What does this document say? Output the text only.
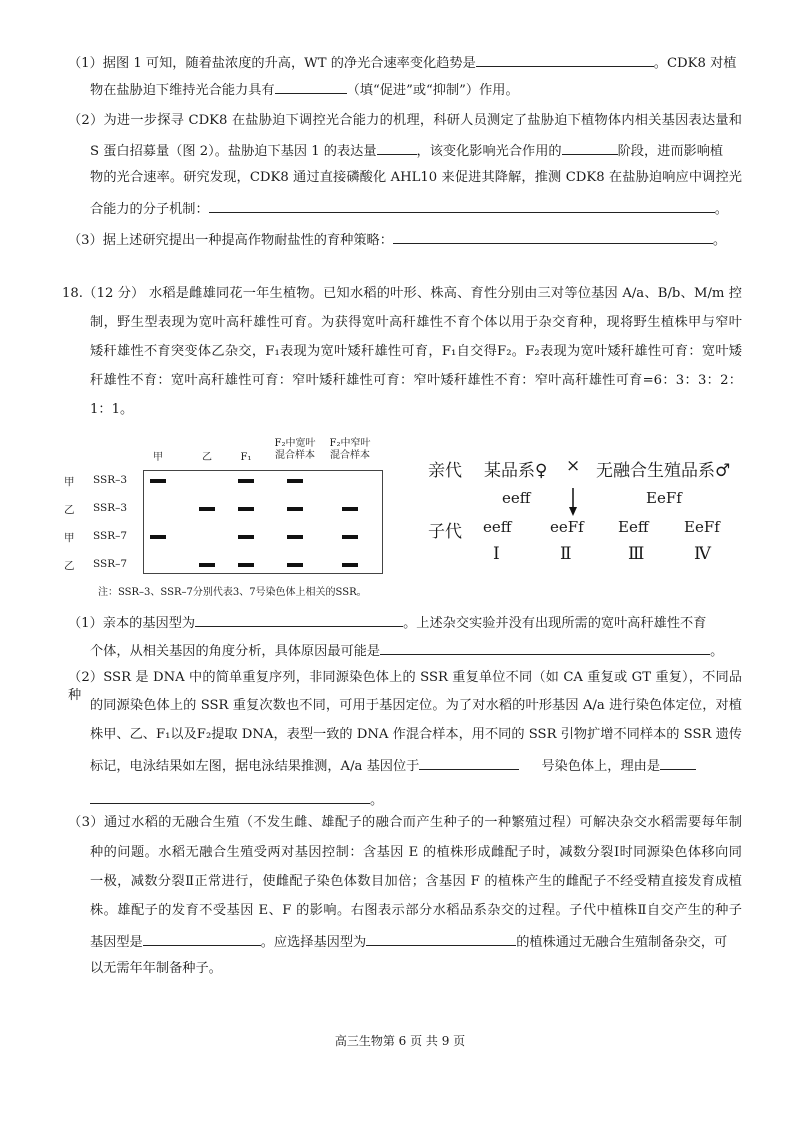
（1）据图 1 可知，随着盐浓度的升高，WT 的净光合速率变化趋势是	。CDK8 对植
物在盐胁迫下维持光合能力具有	（填“促进”或“抑制”）作用。
（2）为进一步探寻 CDK8 在盐胁迫下调控光合能力的机理，科研人员测定了盐胁迫下植物体内相关基因表达量和
S 蛋白招募量（图 2）。盐胁迫下基因 1 的表达量	，该变化影响光合作用的	阶段，进而影响植
物的光合速率。研究发现，CDK8 通过直接磷酸化 AHL10 来促进其降解，推测 CDK8 在盐胁迫响应中调控光
合能力的分子机制：	。
（3）据上述研究提出一种提高作物耐盐性的育种策略：	。
18.（12 分） 水稻是雌雄同花一年生植物。已知水稻的叶形、株高、育性分别由三对等位基因 A/a、B/b、M/m 控
制，野生型表现为宽叶高秆雄性可育。为获得宽叶高秆雄性不育个体以用于杂交育种，现将野生植株甲与窄叶
矮秆雄性不育突变体乙杂交，F₁表现为宽叶矮秆雄性可育，F₁自交得F₂。F₂表现为宽叶矮秆雄性可育：宽叶矮
秆雄性不育：宽叶高秆雄性可育：窄叶矮秆雄性可育：窄叶矮秆雄性不育：窄叶高秆雄性可育=6：3：3：2：
1：1。
甲	乙	F₁
F₂中宽叶
混合样本
F₂中窄叶
混合样本
甲 SSR–3
乙 SSR–3
甲 SSR–7
乙 SSR–7
注：SSR–3、SSR–7分别代表3、7号染色体上相关的SSR。
亲代 某品系♀ × 无融合生殖品系♂
eeff	EeFf
子代 eeff
Ⅰ
eeFf
Ⅱ
Eeff
Ⅲ
EeFf
Ⅳ
（1）亲本的基因型为	。上述杂交实验并没有出现所需的宽叶高秆雄性不育
个体，从相关基因的角度分析，具体原因最可能是	。
（2）SSR 是 DNA 中的简单重复序列，非同源染色体上的 SSR 重复单位不同（如 CA 重复或 GT 重复），不同品种
的同源染色体上的 SSR 重复次数也不同，可用于基因定位。为了对水稻的叶形基因 A/a 进行染色体定位，对植
株甲、乙、F₁以及F₂提取 DNA，表型一致的 DNA 作混合样本，用不同的 SSR 引物扩增不同样本的 SSR 遗传
标记，电泳结果如左图，据电泳结果推测，A/a 基因位于	号染色体上，理由是
。
（3）通过水稻的无融合生殖（不发生雌、雄配子的融合而产生种子的一种繁殖过程）可解决杂交水稻需要每年制
种的问题。水稻无融合生殖受两对基因控制：含基因 E 的植株形成雌配子时，减数分裂Ⅰ时同源染色体移向同
一极，减数分裂Ⅱ正常进行，使雌配子染色体数目加倍；含基因 F 的植株产生的雌配子不经受精直接发育成植
株。雄配子的发育不受基因 E、F 的影响。右图表示部分水稻品系杂交的过程。子代中植株Ⅱ自交产生的种子
基因型是	。应选择基因型为	的植株通过无融合生殖制备杂交，可
以无需年年制备种子。
高三生物第 6 页 共 9 页
